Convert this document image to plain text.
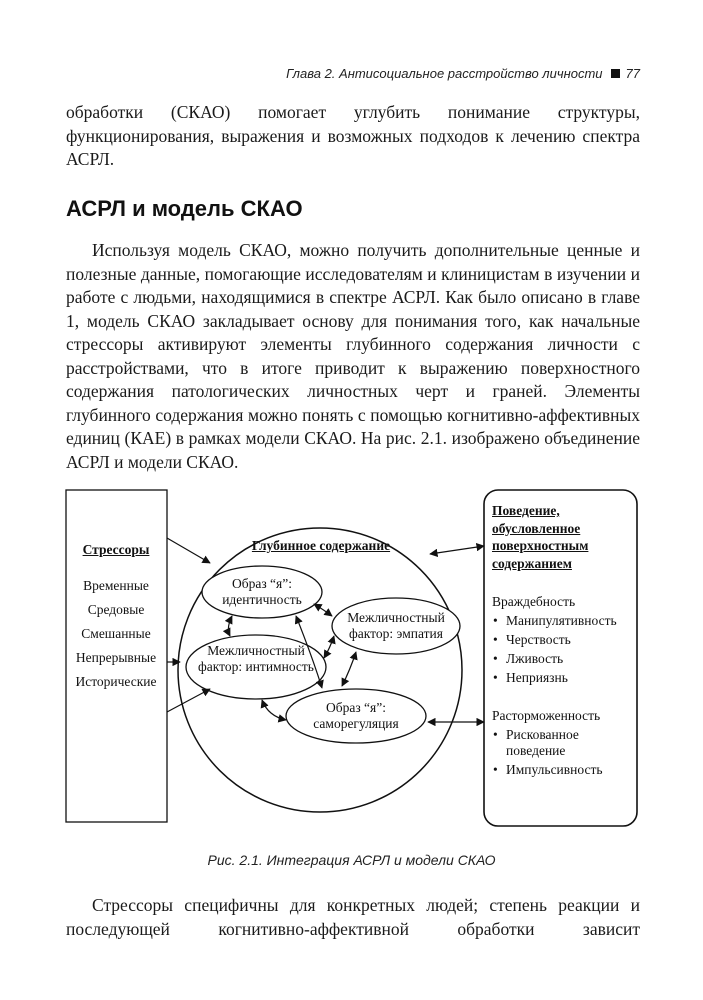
Глава 2. Антисоциальное расстройство личности 77

обработки (СКАО) помогает углубить понимание структуры, функционирования, выражения и возможных подходов к лечению спектра АСРЛ.

АСРЛ и модель СКАО

Используя модель СКАО, можно получить дополнительные ценные и полезные данные, помогающие исследователям и клиницистам в изучении и работе с людьми, находящимися в спектре АСРЛ. Как было описано в главе 1, модель СКАО закладывает основу для понимания того, как начальные стрессоры активируют элементы глубинного содержания личности с расстройствами, что в итоге приводит к выражению поверхностного содержания патологических личностных черт и граней. Элементы глубинного содержания можно понять с помощью когнитивно-аффективных единиц (КАЕ) в рамках модели СКАО. На рис. 2.1. изображено объединение АСРЛ и модели СКАО.

Стрессоры
Временные
Средовые
Смешанные
Непрерывные
Исторические
Глубинное содержание
Образ “я”: идентичность
Межличностный фактор: эмпатия
Межличностный фактор: интимность
Образ “я”: саморегуляция
Поведение,
обусловленное
поверхностным
содержанием
Враждебность
• Манипулятивность
• Черствость
• Лживость
• Неприязнь
Расторможенность
• Рискованное поведение
• Импульсивность
Рис. 2.1. Интеграция АСРЛ и модели СКАО

Стрессоры специфичны для конкретных людей; степень реакции и последующей когнитивно-аффективной обработки зависит
